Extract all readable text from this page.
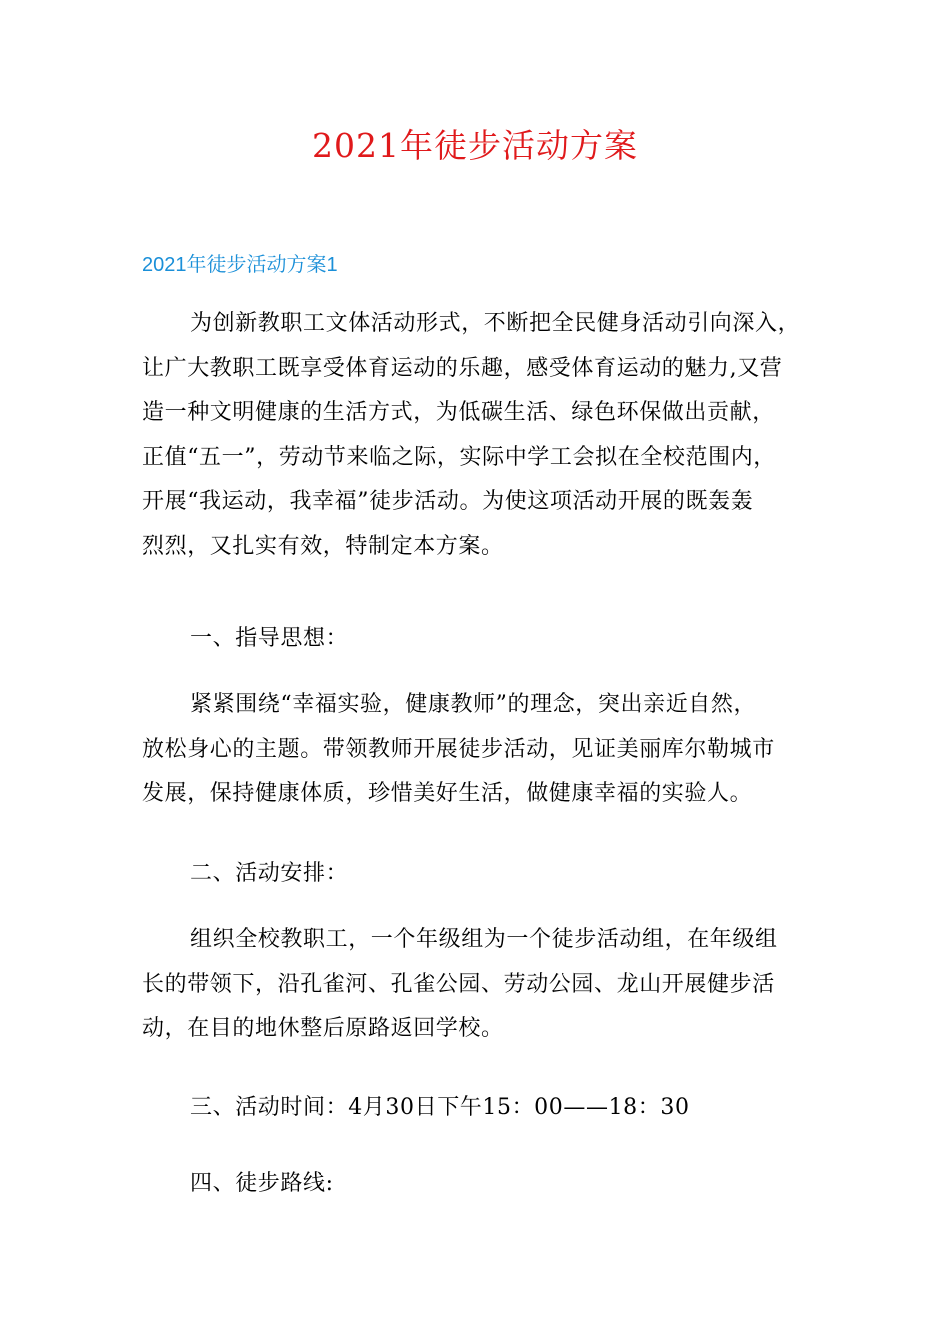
2021年徒步活动方案
2021年徒步活动方案1
为创新教职工文体活动形式，不断把全民健身活动引向深入，
让广大教职工既享受体育运动的乐趣，感受体育运动的魅力,又营
造一种文明健康的生活方式，为低碳生活、绿色环保做出贡献，
正值“五一”，劳动节来临之际，实际中学工会拟在全校范围内，
开展“我运动，我幸福”徒步活动。为使这项活动开展的既轰轰
烈烈，又扎实有效，特制定本方案。

一、指导思想：

紧紧围绕“幸福实验，健康教师”的理念，突出亲近自然，
放松身心的主题。带领教师开展徒步活动，见证美丽库尔勒城市
发展，保持健康体质，珍惜美好生活，做健康幸福的实验人。

二、活动安排：

组织全校教职工，一个年级组为一个徒步活动组，在年级组
长的带领下，沿孔雀河、孔雀公园、劳动公园、龙山开展健步活
动，在目的地休整后原路返回学校。

三、活动时间：4月30日下午15：00——18：30

四、徒步路线:
